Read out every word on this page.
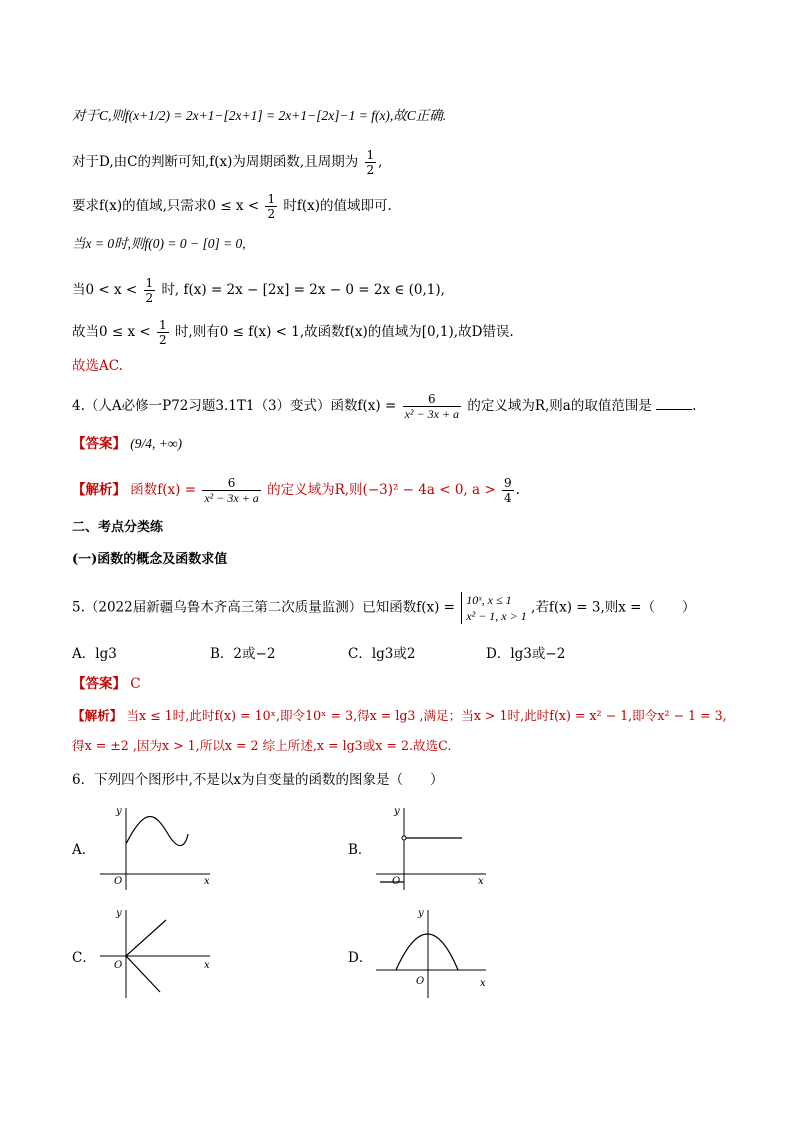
对于C,则f(x+1/2) = 2x+1−[2x+1] = 2x+1−[2x]−1 = f(x),故C正确.
对于D,由C的判断可知,f(x)为周期函数,且周期为 $\frac{1}{2}$ ,
要求f(x)的值域,只需求$0 \le x < \frac{1}{2}$ 时f(x)的值域即可.
当x = 0时,则f(0) = 0 − [0] = 0,
当$0 < x < \frac{1}{2}$ 时, f(x) = 2x − [2x] = 2x − 0 = 2x ∈ (0,1),
故当$0 \le x < \frac{1}{2}$ 时,则有0 ≤ f(x) < 1,故函数f(x)的值域为[0,1),故D错误.
故选AC.
4.（人A必修一P72习题3.1T1（3）变式）函数$f(x) = \frac{6}{\text{x² − 3x + a}}$ 的定义域为R,则a的取值范围是	.
【答案】 (9/4, +∞)
【解析】 函数$f(x) = \frac{6}{\text{x² − 3x + a}}$ 的定义域为R,则(−3)² − 4a < 0, $a > \frac{9}{4}$ .
二、考点分类练
(一)函数的概念及函数求值
5.（2022届新疆乌鲁木齐高三第二次质量监测）已知函数f(x) = 10ˣ, x ≤ 1
x² − 1, x > 1
,若f(x) = 3,则x =（　　）
A．lg3	B．2或−2	C．lg3或2	D．lg3或−2
【答案】 C
【解析】 当x ≤ 1时,此时f(x) = 10ˣ,即令10ˣ = 3,得x = lg3 ,满足；当x > 1时,此时f(x) = x² − 1,即令x² − 1 = 3,
得x = ±2 ,因为x > 1,所以x = 2 综上所述,x = lg3或x = 2.故选C.
6．下列四个图形中,不是以x为自变量的函数的图象是（　　）
A．
y
x
O
B．
y
x
O
C．
y
x
O	D．
y
x
O
